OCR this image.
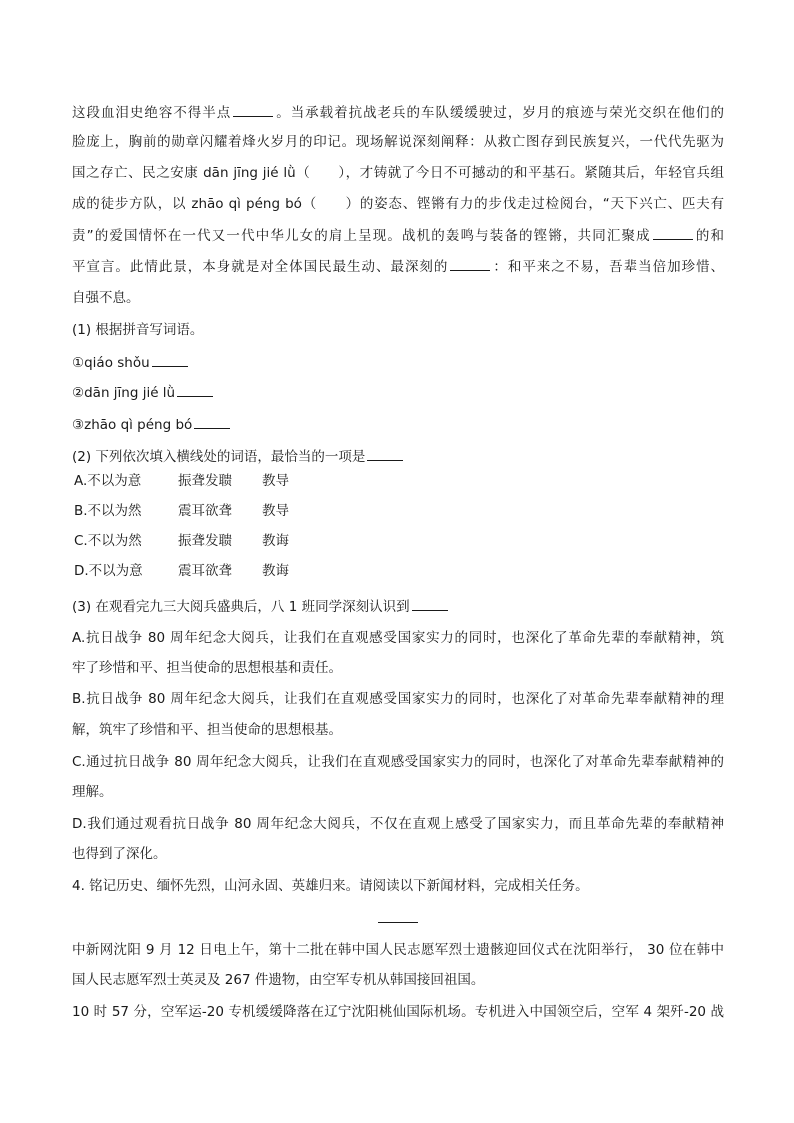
这段血泪史绝容不得半点	。当承载着抗战老兵的车队缓缓驶过，岁月的痕迹与荣光交织在他们的
脸庞上，胸前的勋章闪耀着烽火岁月的印记。现场解说深刻阐释：从救亡图存到民族复兴，一代代先驱为
国之存亡、民之安康 dān jīng jié lǜ（　　），才铸就了今日不可撼动的和平基石。紧随其后，年轻官兵组
成的徒步方队，以 zhāo qì péng bó（　　）的姿态、铿锵有力的步伐走过检阅台，“天下兴亡、匹夫有
责”的爱国情怀在一代又一代中华儿女的肩上呈现。战机的轰鸣与装备的铿锵，共同汇聚成	的和
平宣言。此情此景，本身就是对全体国民最生动、最深刻的	：和平来之不易，吾辈当倍加珍惜、
自强不息。
(1) 根据拼音写词语。
①qiáo shǒu
②dān jīng jié lǜ
③zhāo qì péng bó
(2) 下列依次填入横线处的词语，最恰当的一项是
A.不以为意	振聋发聩 教导
B.不以为然	震耳欲聋 教导
C.不以为然	振聋发聩 教诲
D.不以为意	震耳欲聋 教诲
(3) 在观看完九三大阅兵盛典后，八 1 班同学深刻认识到
A.抗日战争 80 周年纪念大阅兵，让我们在直观感受国家实力的同时，也深化了革命先辈的奉献精神，筑
牢了珍惜和平、担当使命的思想根基和责任。
B.抗日战争 80 周年纪念大阅兵，让我们在直观感受国家实力的同时，也深化了对革命先辈奉献精神的理
解，筑牢了珍惜和平、担当使命的思想根基。
C.通过抗日战争 80 周年纪念大阅兵，让我们在直观感受国家实力的同时，也深化了对革命先辈奉献精神的
理解。
D.我们通过观看抗日战争 80 周年纪念大阅兵，不仅在直观上感受了国家实力，而且革命先辈的奉献精神
也得到了深化。
4. 铭记历史、缅怀先烈，山河永固、英雄归来。请阅读以下新闻材料，完成相关任务。
中新网沈阳 9 月 12 日电上午，第十二批在韩中国人民志愿军烈士遗骸迎回仪式在沈阳举行， 30 位在韩中
国人民志愿军烈士英灵及 267 件遗物，由空军专机从韩国接回祖国。
10 时 57 分，空军运-20 专机缓缓降落在辽宁沈阳桃仙国际机场。专机进入中国领空后，空军 4 架歼-20 战
